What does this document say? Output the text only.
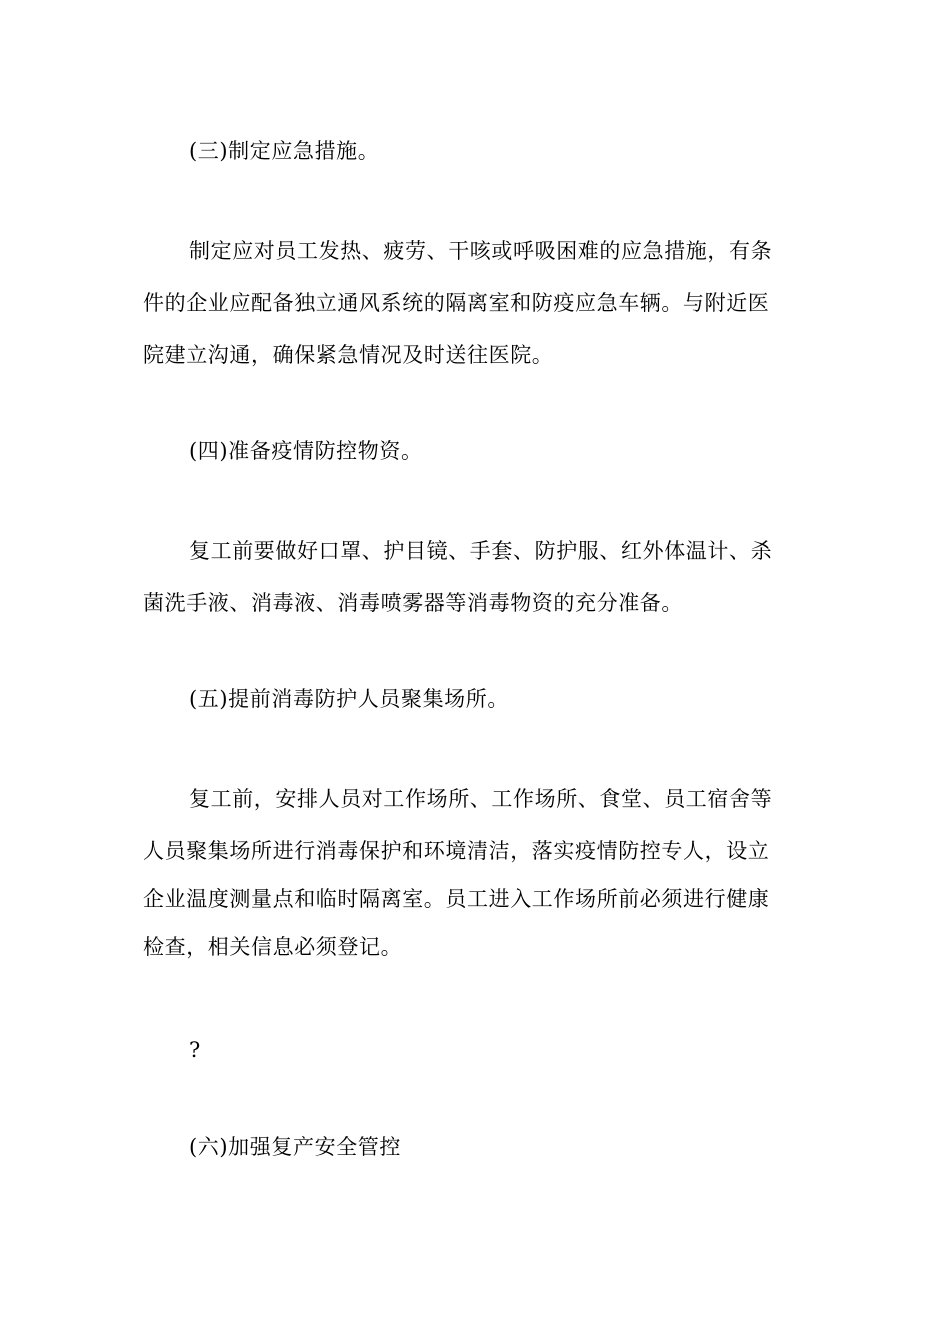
(三)制定应急措施。
制定应对员工发热、疲劳、干咳或呼吸困难的应急措施，有条
件的企业应配备独立通风系统的隔离室和防疫应急车辆。与附近医
院建立沟通，确保紧急情况及时送往医院。
(四)准备疫情防控物资。
复工前要做好口罩、护目镜、手套、防护服、红外体温计、杀
菌洗手液、消毒液、消毒喷雾器等消毒物资的充分准备。
(五)提前消毒防护人员聚集场所。
复工前，安排人员对工作场所、工作场所、食堂、员工宿舍等
人员聚集场所进行消毒保护和环境清洁，落实疫情防控专人，设立
企业温度测量点和临时隔离室。员工进入工作场所前必须进行健康
检查，相关信息必须登记。
?
(六)加强复产安全管控
